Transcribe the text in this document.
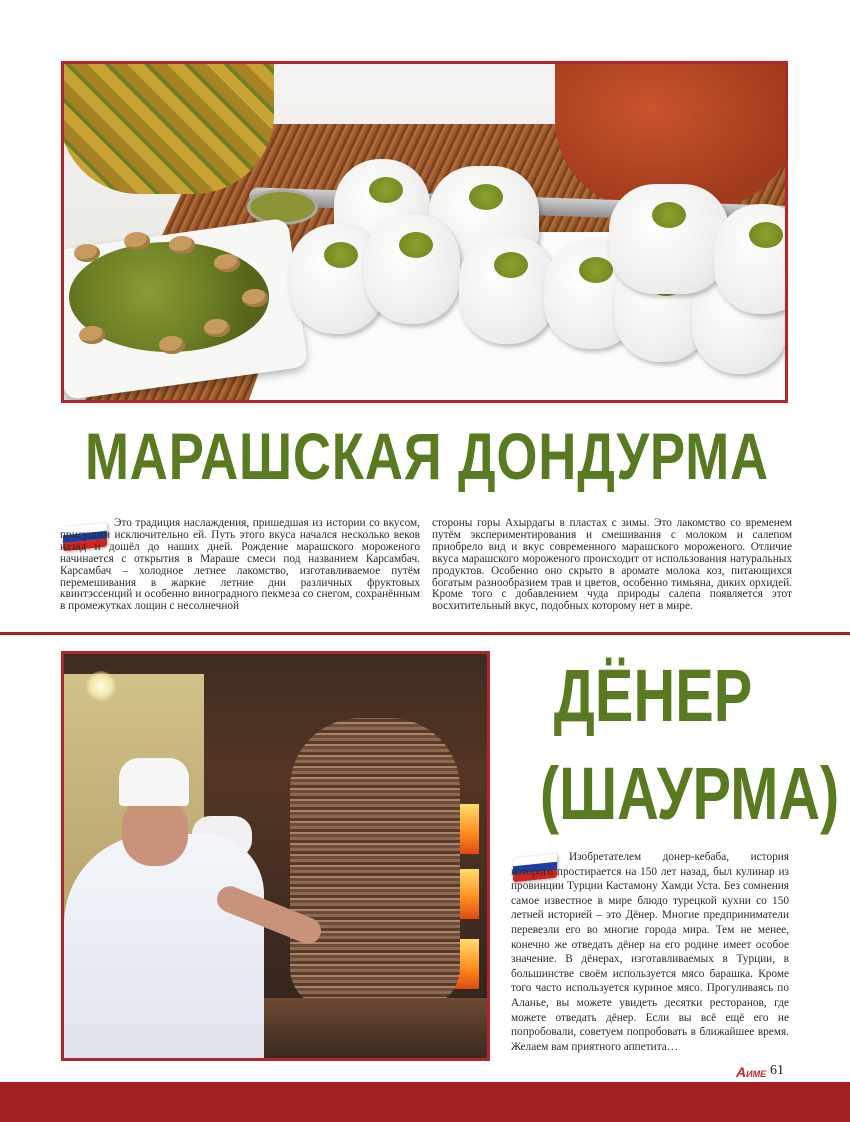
МАРАШСКАЯ ДОНДУРМА

Это традиция наслаждения, пришедшая из истории со вкусом, присущим исключительно ей. Путь этого вкуса начался несколько веков назад и дошёл до наших дней. Рождение марашского мороженого начинается с открытия в Мараше смеси под названием Карсамбач. Карсамбач – холодное летнее лакомство, изготавливаемое путём перемешивания в жаркие летние дни различных фруктовых квинтэссенций и особенно виноградного пекмеза со снегом, сохранённым в промежутках лощин с несолнечной

стороны горы Ахырдагы в пластах с зимы. Это лакомство со временем путём экспериментирования и смешивания с молоком и салепом приобрело вид и вкус современного марашского мороженого. Отличие вкуса марашского мороженого происходит от использования натуральных продуктов. Особенно оно скрыто в аромате молока коз, питающихся богатым разнообразием трав и цветов, особенно тимьяна, диких орхидей. Кроме того с добавлением чуда природы салепа появляется этот восхитительный вкус, подобных которому нет в мире.

ДЁНЕР
(ШАУРМА)

Изобретателем донер-кебаба, история которого простирается на 150 лет назад, был кулинар из провинции Турции Кастамону Хамди Уста. Без сомнения самое известное в мире блюдо турецкой кухни со 150 летней историей – это Дёнер. Многие предприниматели перевезли его во многие города мира. Тем не менее, конечно же отведать дёнер на его родине имеет особое значение. В дёнерах, изготавливаемых в Турции, в большинстве своём используется мясо барашка. Кроме того часто используется куриное мясо. Прогуливаясь по Аланье, вы можете увидеть десятки ресторанов, где можете отведать дёнер. Если вы всё ещё его не попробовали, советуем попробовать в ближайшее время. Желаем вам приятного аппетита…

AИМЕ 61
